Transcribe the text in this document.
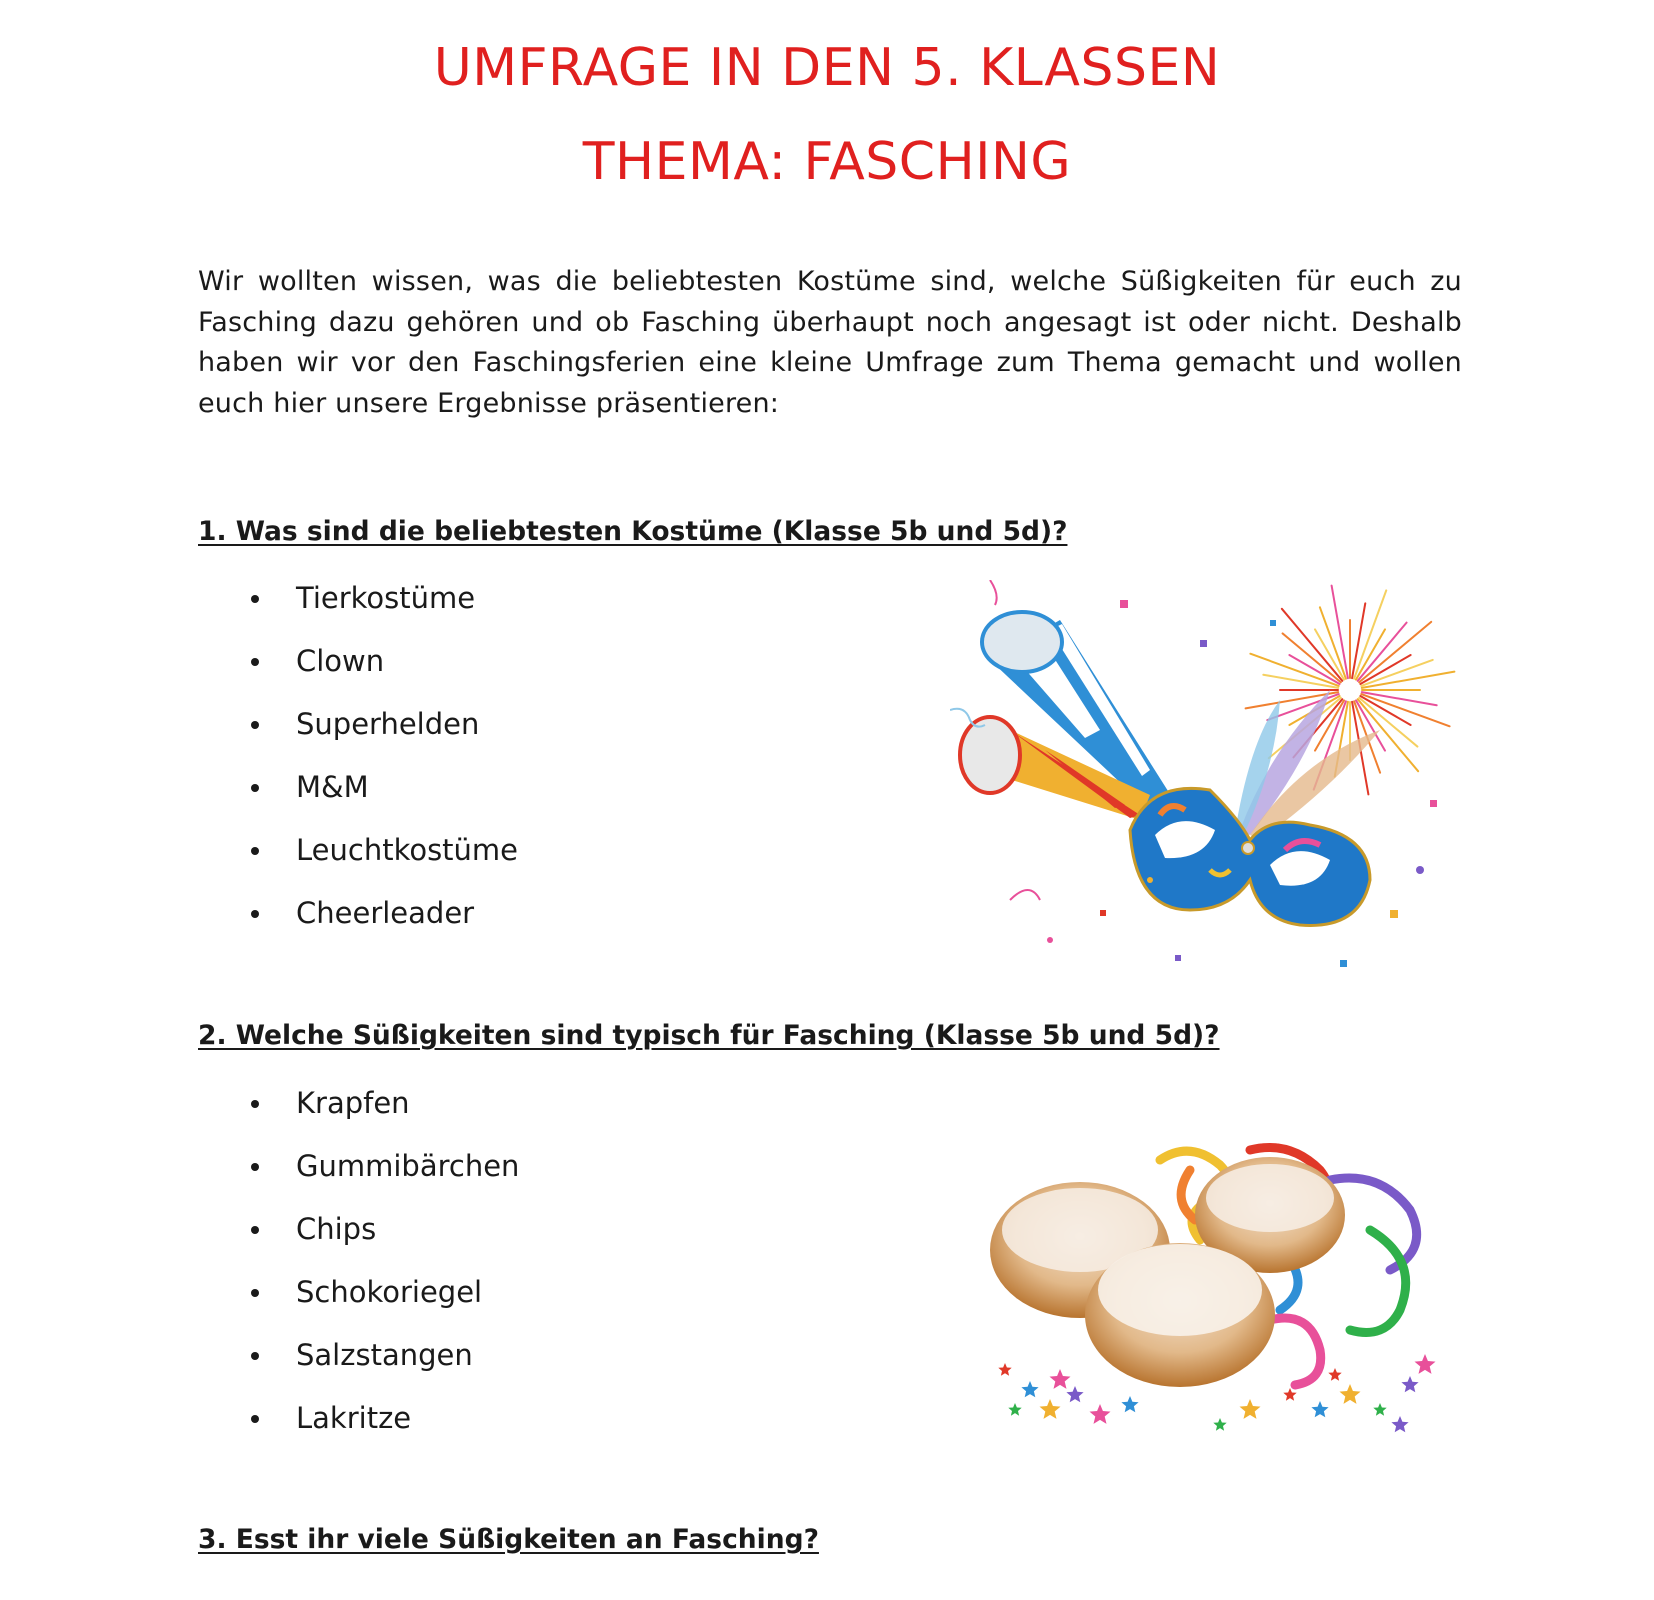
UMFRAGE IN DEN 5. KLASSEN
THEMA: FASCHING

Wir wollten wissen, was die beliebtesten Kostüme sind, welche Süßigkeiten für euch zu Fasching dazu gehören und ob Fasching überhaupt noch angesagt ist oder nicht. Deshalb haben wir vor den Faschingsferien eine kleine Umfrage zum Thema gemacht und wollen euch hier unsere Ergebnisse präsentieren:

1. Was sind die beliebtesten Kostüme (Klasse 5b und 5d)?
Tierkostüme
Clown
Superhelden
M&M
Leuchtkostüme
Cheerleader
2. Welche Süßigkeiten sind typisch für Fasching (Klasse 5b und 5d)?
Krapfen
Gummibärchen
Chips
Schokoriegel
Salzstangen
Lakritze
3. Esst ihr viele Süßigkeiten an Fasching?
